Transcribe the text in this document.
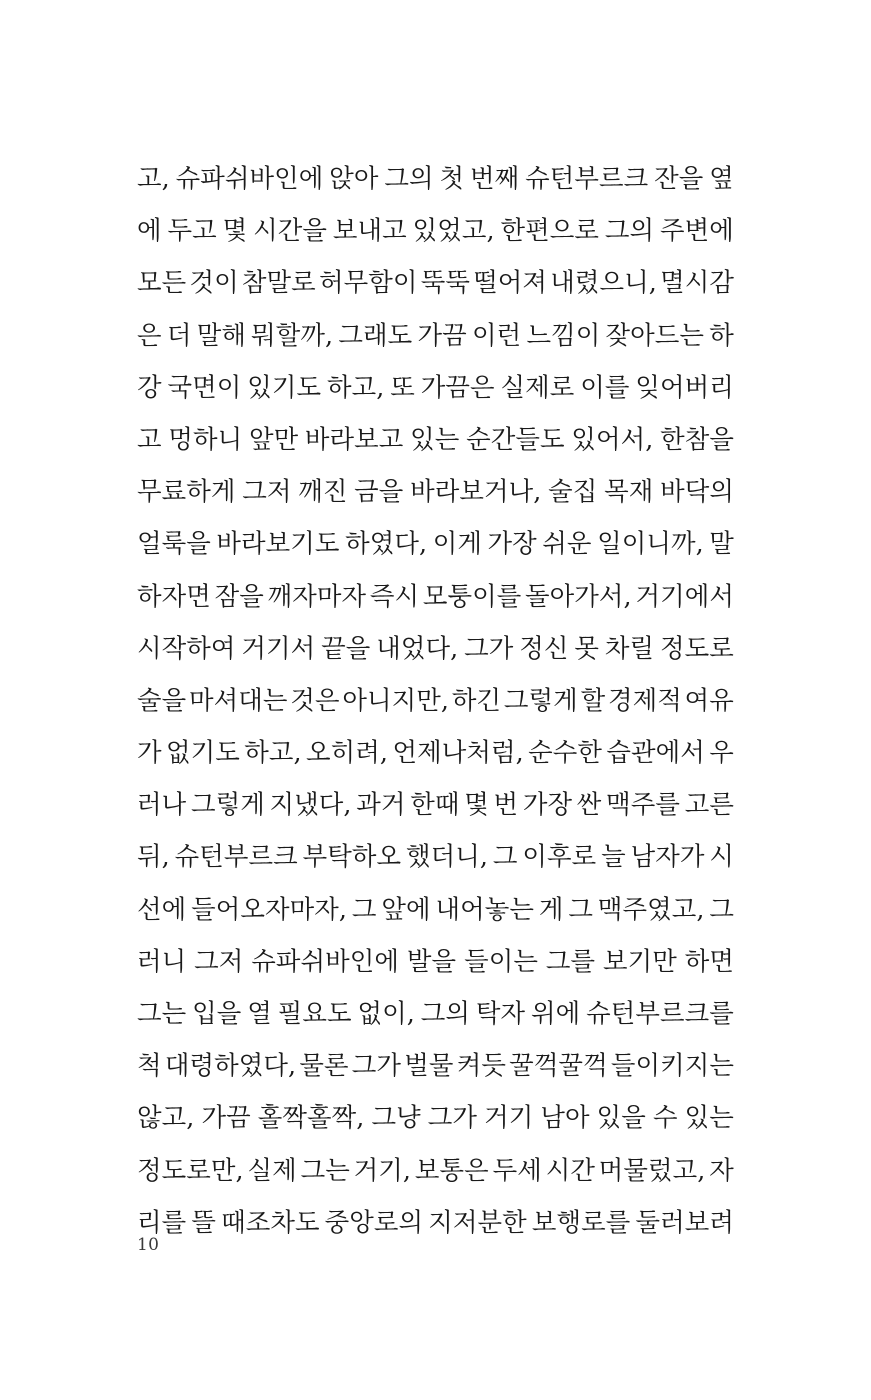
고, 슈파쉬바인에 앉아 그의 첫 번째 슈턴부르크 잔을 옆
에 두고 몇 시간을 보내고 있었고, 한편으로 그의 주변에
모든 것이 참말로 허무함이 뚝뚝 떨어져 내렸으니, 멸시감
은 더 말해 뭐할까, 그래도 가끔 이런 느낌이 잦아드는 하
강 국면이 있기도 하고, 또 가끔은 실제로 이를 잊어버리
고 멍하니 앞만 바라보고 있는 순간들도 있어서, 한참을
무료하게 그저 깨진 금을 바라보거나, 술집 목재 바닥의
얼룩을 바라보기도 하였다, 이게 가장 쉬운 일이니까, 말
하자면 잠을 깨자마자 즉시 모퉁이를 돌아가서, 거기에서
시작하여 거기서 끝을 내었다, 그가 정신 못 차릴 정도로
술을 마셔대는 것은 아니지만, 하긴 그렇게 할 경제적 여유
가 없기도 하고, 오히려, 언제나처럼, 순수한 습관에서 우
러나 그렇게 지냈다, 과거 한때 몇 번 가장 싼 맥주를 고른
뒤, 슈턴부르크 부탁하오 했더니, 그 이후로 늘 남자가 시
선에 들어오자마자, 그 앞에 내어놓는 게 그 맥주였고, 그
러니 그저 슈파쉬바인에 발을 들이는 그를 보기만 하면
그는 입을 열 필요도 없이, 그의 탁자 위에 슈턴부르크를
척 대령하였다, 물론 그가 벌물 켜듯 꿀꺽꿀꺽 들이키지는
않고, 가끔 홀짝홀짝, 그냥 그가 거기 남아 있을 수 있는
정도로만, 실제 그는 거기, 보통은 두세 시간 머물렀고, 자
리를 뜰 때조차도 중앙로의 지저분한 보행로를 둘러보려
10
